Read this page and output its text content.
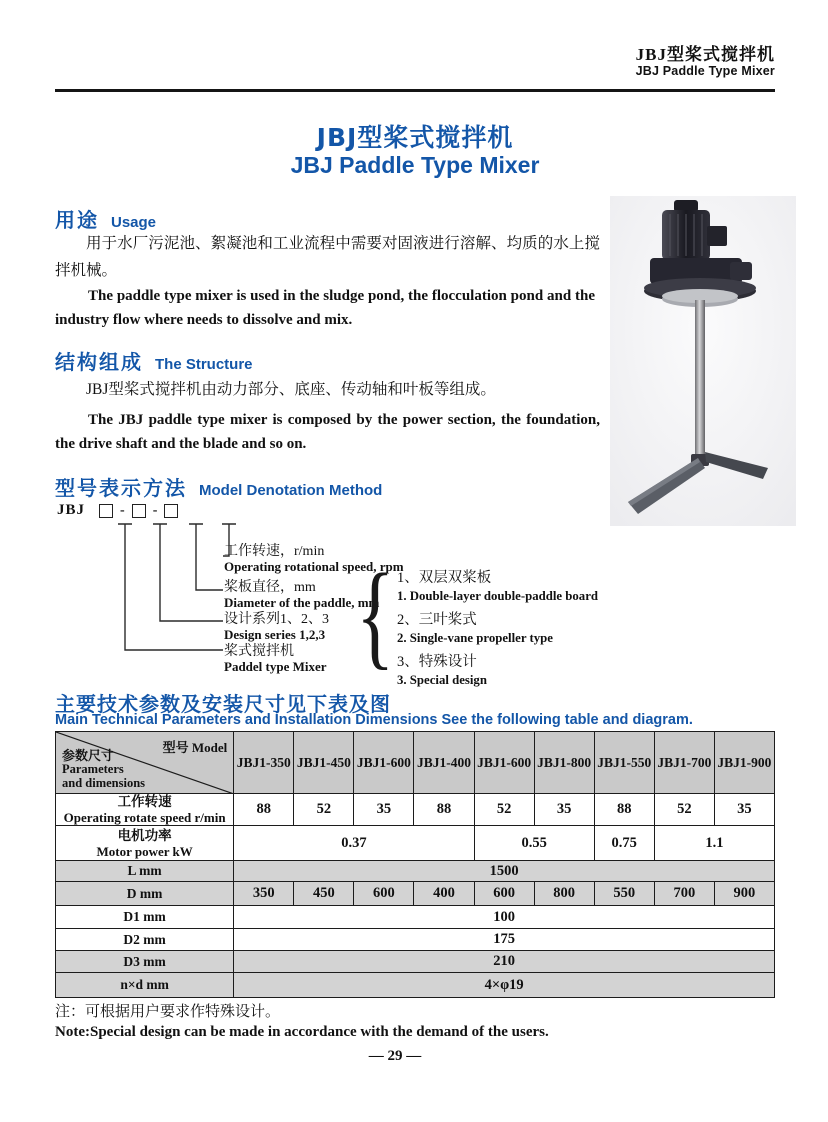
JBJ型桨式搅拌机
JBJ Paddle Type Mixer
JBJ型桨式搅拌机
JBJ Paddle Type Mixer
用途 Usage
用于水厂污泥池、絮凝池和工业流程中需要对固液进行溶解、均质的水上搅拌机械。
The paddle type mixer is used in the sludge pond, the flocculation pond and the industry flow where needs to dissolve and mix.
结构组成 The Structure
JBJ型桨式搅拌机由动力部分、底座、传动轴和叶板等组成。
The JBJ paddle type mixer is composed by the power section, the foundation, the drive shaft and the blade and so on.
型号表示方法 Model Denotation Method
JBJ	- -
工作转速，r/min
Operating rotational speed, rpm
桨板直径，mm
Diameter of the paddle, mm
设计系列1、2、3
Design series 1,2,3
桨式搅拌机
Paddel type Mixer { 1、双层双桨板
1. Double-layer double-paddle board
2、三叶桨式
2. Single-vane propeller type
3、特殊设计
3. Special design
主要技术参数及安装尺寸见下表及图
Main Technical Parameters and Installation Dimensions See the following table and diagram.
型号 Model
参数尺寸
Parameters
and dimensions	JBJ1-350	JBJ1-450	JBJ1-600	JBJ1-400	JBJ1-600	JBJ1-800	JBJ1-550	JBJ1-700	JBJ1-900

工作转速
Operating rotate speed r/min	88	52	35	88	52	35	88	52	35

电机功率
Motor power kW	0.37				0.55		0.75	1.1	
L mm	1500								
D mm	350	450	600	400	600	800	550	700	900
D1 mm	100								
D2 mm	175								
D3 mm	210								
n×d mm	4×φ19								
注：可根据用户要求作特殊设计。
Note:Special design can be made in accordance with the demand of the users.
— 29 —
